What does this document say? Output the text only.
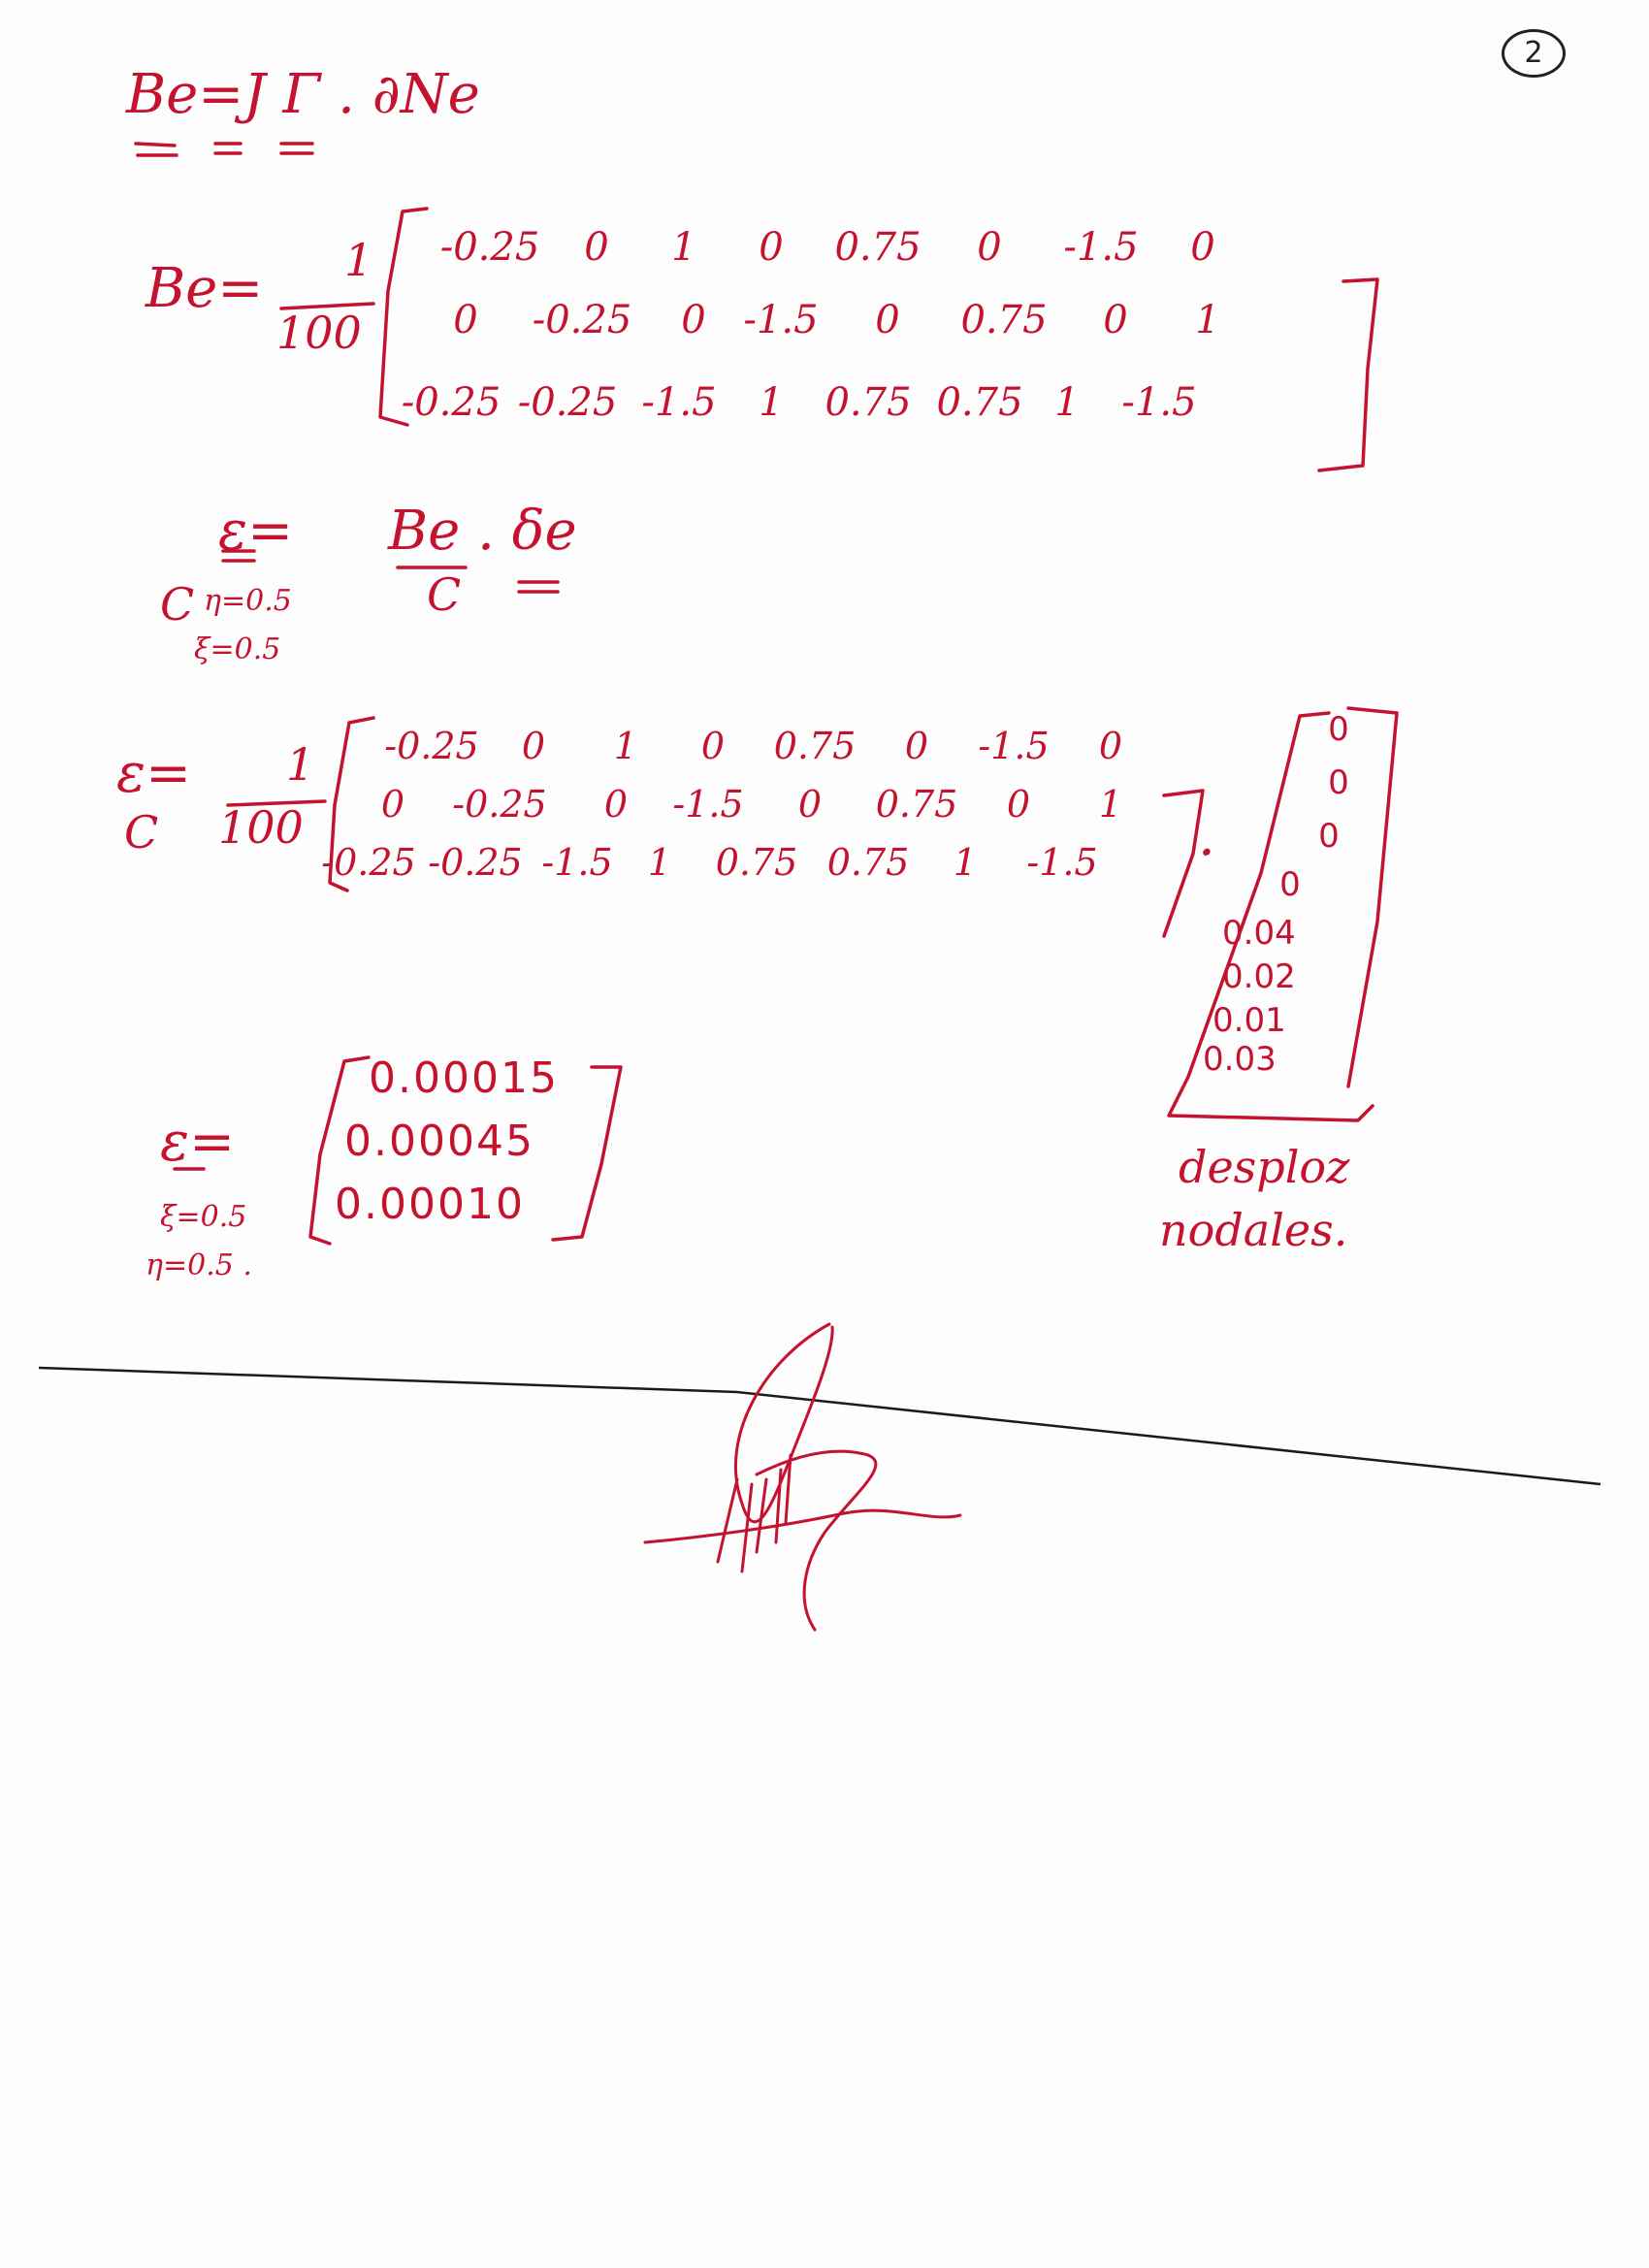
2
Be=J Γ . ∂Ne
Be= 1
100
-0.25 0 1 0 0.75 0 -1.5 0
0 -0.25 0 -1.5 0 0.75 0 1
-0.25 -0.25 -1.5 1 0.75 0.75 1 -1.5
ε= Be . δe
C	C
η=0.5
ξ=0.5
ε=
C
1
100
-0.25 0 1 0 0.75 0 -1.5 0
0 -0.25 0 -1.5 0 0.75 0 1
-0.25 -0.25 -1.5 1 0.75 0.75 1 -1.5	.
0
0
0
0
0.04
0.02
0.01
0.03
desploz
nodales.
ε=
0.00015
0.00045
0.00010
ξ=0.5
η=0.5 .
